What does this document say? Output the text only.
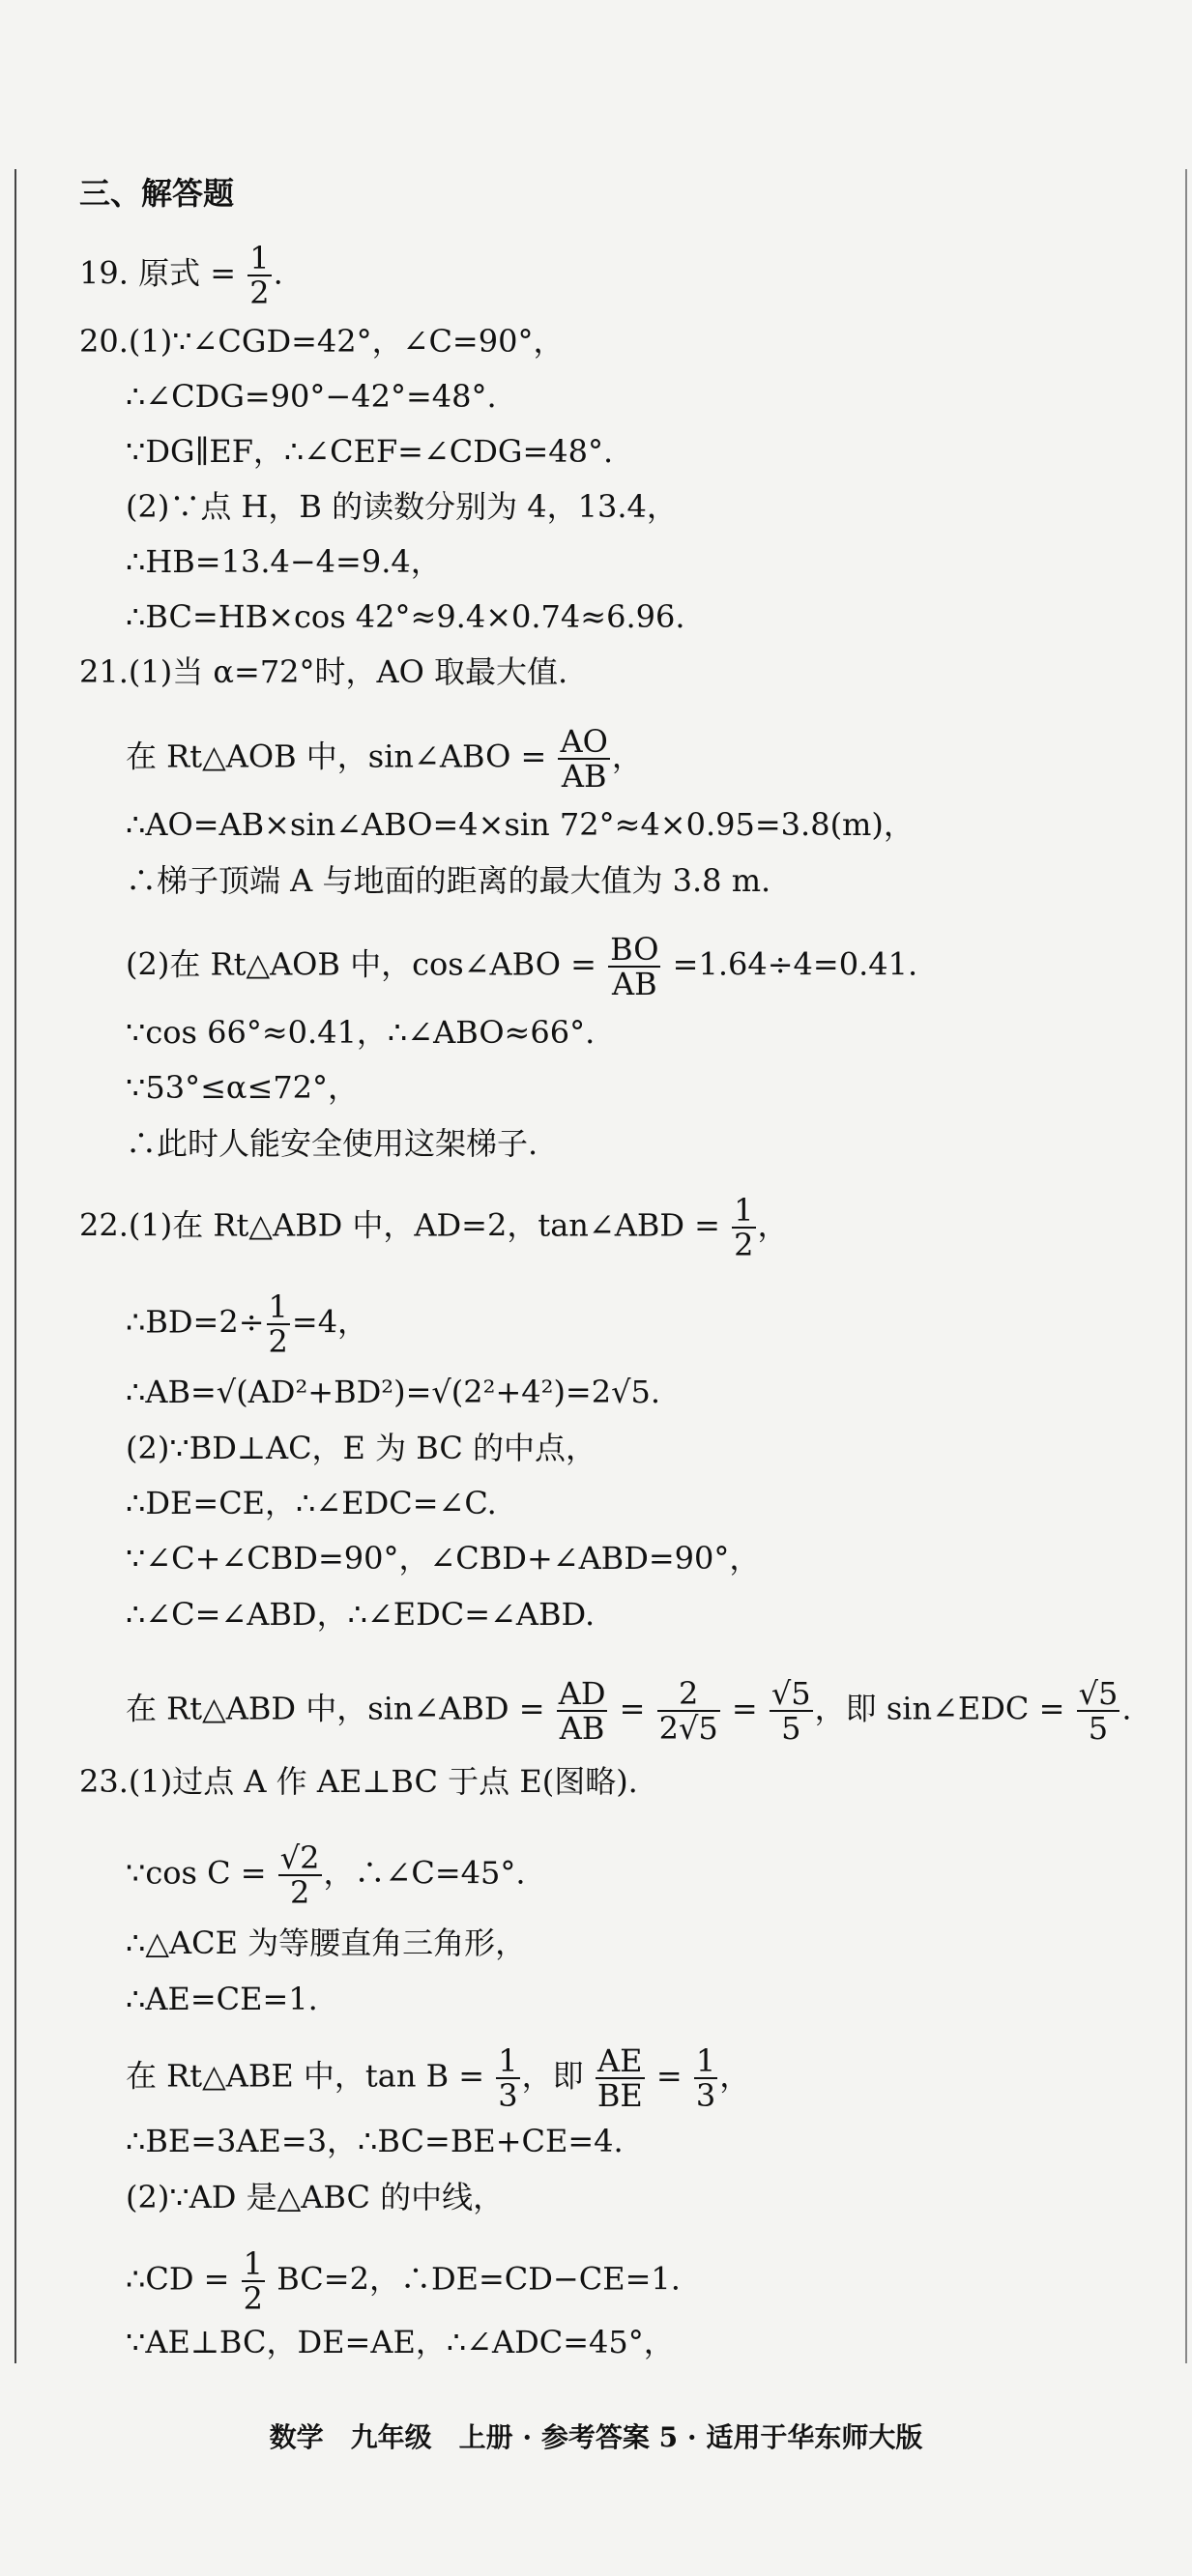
三、解答题
19. 原式 = $\frac{1}{2}$ .
20.(1)∵∠CGD=42°，∠C=90°，
∴∠CDG=90°−42°=48°.
∵DG∥EF，∴∠CEF=∠CDG=48°.
(2)∵点 H，B 的读数分别为 4，13.4，
∴HB=13.4−4=9.4，
∴BC=HB×cos 42°≈9.4×0.74≈6.96.
21.(1)当 α=72°时，AO 取最大值.
在 Rt△AOB 中，sin∠ABO = $\frac{AO}{AB}$ ，
∴AO=AB×sin∠ABO=4×sin 72°≈4×0.95=3.8(m)，
∴梯子顶端 A 与地面的距离的最大值为 3.8 m.
(2)在 Rt△AOB 中，cos∠ABO = $\frac{BO}{AB} =1.64\div 4=0.41$.
∵cos 66°≈0.41，∴∠ABO≈66°.
∵53°≤α≤72°，
∴此时人能安全使用这架梯子.
22.(1)在 Rt△ABD 中，AD=2，tan∠ABD = $\frac{1}{2}$ ，
∴BD=2÷ $\frac{1}{2} =4$，
∴AB=√(AD²+BD²)=√(2²+4²)=2√5.
(2)∵BD⊥AC，E 为 BC 的中点，
∴DE=CE，∴∠EDC=∠C.
∵∠C+∠CBD=90°，∠CBD+∠ABD=90°，
∴∠C=∠ABD，∴∠EDC=∠ABD.
在 Rt△ABD 中，sin∠ABD = $\frac{AD}{AB} = \frac{2}{2√5} = \frac{√5}{5}$ ，即 sin∠EDC = $\frac{√5}{5}$ .
23.(1)过点 A 作 AE⊥BC 于点 E(图略).
∵cos $C = \frac{√2}{2}$ ，∴∠C=45°.
∴△ACE 为等腰直角三角形，
∴AE=CE=1.
在 Rt△ABE 中，$\tan B = \frac{1}{3}$ ，即 $\frac{AE}{BE} = \frac{1}{3}$ ，
∴BE=3AE=3，∴BC=BE+CE=4.
(2)∵AD 是△ABC 的中线，
∴CD = $\frac{1}{2} BC=2$，∴DE=CD−CE=1.
∵AE⊥BC，DE=AE，∴∠ADC=45°，
数学　九年级　上册 · 参考答案 5 · 适用于华东师大版
